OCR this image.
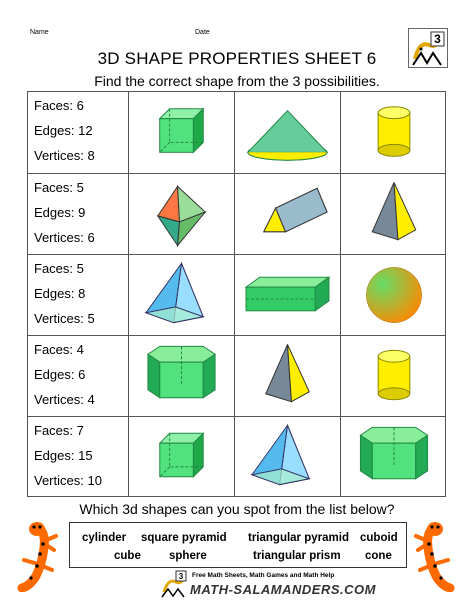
Name	Date	3
3D SHAPE PROPERTIES SHEET 6
Find the correct shape from the 3 possibilities.
Faces: 6
Edges: 12
Vertices: 8
Faces: 5
Edges: 9
Vertices: 6
Faces: 5
Edges: 8
Vertices: 5
Faces: 4
Edges: 6
Vertices: 4
Faces: 7
Edges: 15
Vertices: 10
Which 3d shapes can you spot from the list below?
cylinder square pyramid triangular pyramid cuboid
cube sphere	triangular prism cone
3 Free Math Sheets, Math Games and Math Help
MATH-SALAMANDERS.COM
